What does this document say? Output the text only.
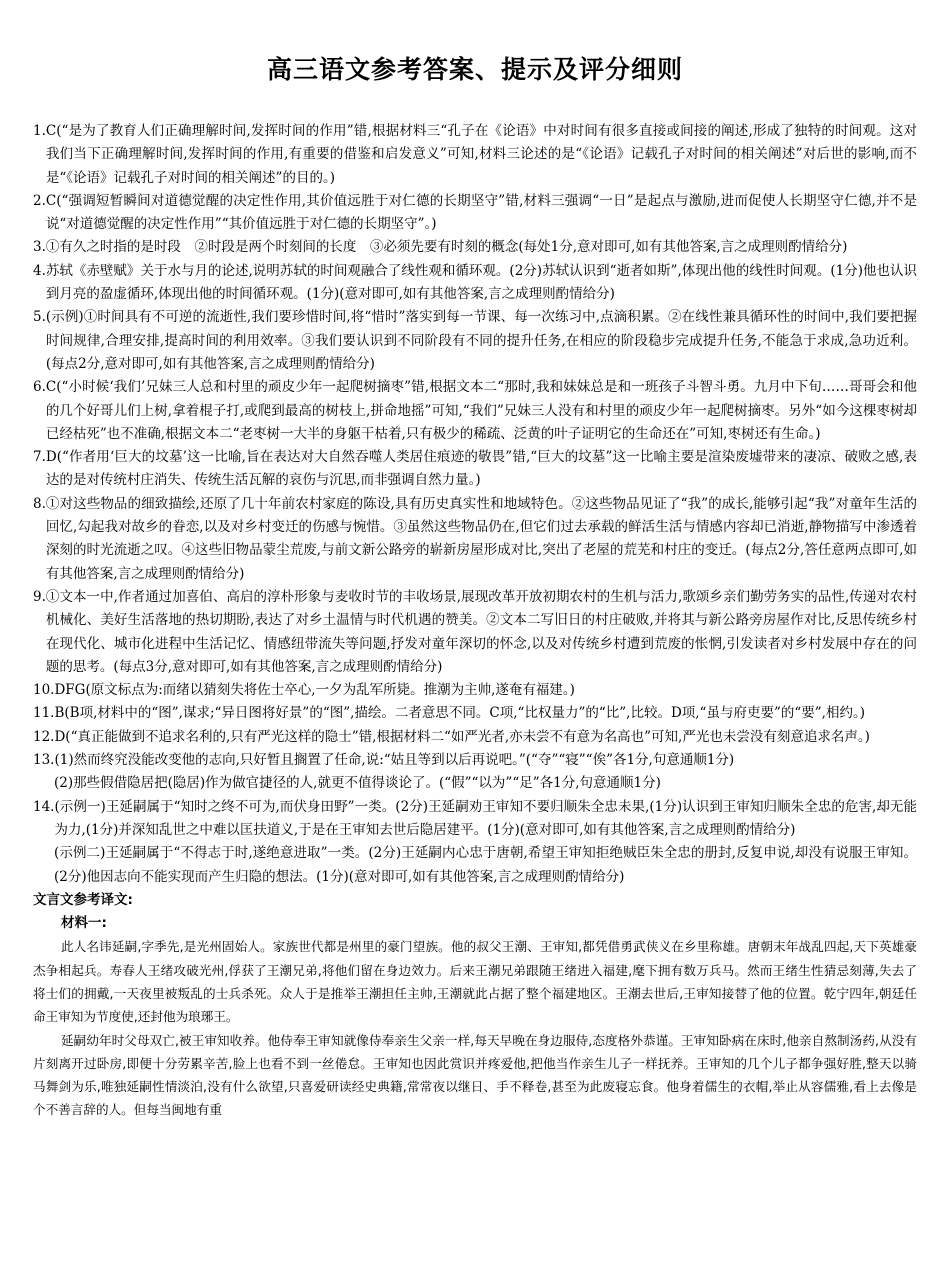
高三语文参考答案、提示及评分细则
1. C(“是为了教育人们正确理解时间,发挥时间的作用”错,根据材料三“孔子在《论语》中对时间有很多直接或间接的阐述,形成了独特的时间观。这对我们当下正确理解时间,发挥时间的作用,有重要的借鉴和启发意义”可知,材料三论述的是“《论语》记载孔子对时间的相关阐述”对后世的影响,而不是“《论语》记载孔子对时间的相关阐述”的目的。)
2. C(“强调短暂瞬间对道德觉醒的决定性作用,其价值远胜于对仁德的长期坚守”错,材料三强调“一日”是起点与激励,进而促使人长期坚守仁德,并不是说“对道德觉醒的决定性作用”“其价值远胜于对仁德的长期坚守”。)
3. ①有久之时指的是时段　②时段是两个时刻间的长度　③必须先要有时刻的概念(每处1分,意对即可,如有其他答案,言之成理则酌情给分)
4. 苏轼《赤壁赋》关于水与月的论述,说明苏轼的时间观融合了线性观和循环观。(2分)苏轼认识到“逝者如斯”,体现出他的线性时间观。(1分)他也认识到月亮的盈虚循环,体现出他的时间循环观。(1分)(意对即可,如有其他答案,言之成理则酌情给分)
5. (示例)①时间具有不可逆的流逝性,我们要珍惜时间,将“惜时”落实到每一节课、每一次练习中,点滴积累。②在线性兼具循环性的时间中,我们要把握时间规律,合理安排,提高时间的利用效率。③我们要认识到不同阶段有不同的提升任务,在相应的阶段稳步完成提升任务,不能急于求成,急功近利。(每点2分,意对即可,如有其他答案,言之成理则酌情给分)
6. C(“小时候‘我们’兄妹三人总和村里的顽皮少年一起爬树摘枣”错,根据文本二“那时,我和妹妹总是和一班孩子斗智斗勇。九月中下旬……哥哥会和他的几个好哥儿们上树,拿着棍子打,或爬到最高的树枝上,拼命地摇”可知,“我们”兄妹三人没有和村里的顽皮少年一起爬树摘枣。另外“如今这棵枣树却已经枯死”也不准确,根据文本二“老枣树一大半的身躯干枯着,只有极少的稀疏、泛黄的叶子证明它的生命还在”可知,枣树还有生命。)
7. D(“作者用‘巨大的坟墓’这一比喻,旨在表达对大自然吞噬人类居住痕迹的敬畏”错,“巨大的坟墓”这一比喻主要是渲染废墟带来的凄凉、破败之感,表达的是对传统村庄消失、传统生活瓦解的哀伤与沉思,而非强调自然力量。)
8. ①对这些物品的细致描绘,还原了几十年前农村家庭的陈设,具有历史真实性和地域特色。②这些物品见证了“我”的成长,能够引起“我”对童年生活的回忆,勾起我对故乡的眷恋,以及对乡村变迁的伤感与惋惜。③虽然这些物品仍在,但它们过去承载的鲜活生活与情感内容却已消逝,静物描写中渗透着深刻的时光流逝之叹。④这些旧物品蒙尘荒废,与前文新公路旁的崭新房屋形成对比,突出了老屋的荒芜和村庄的变迁。(每点2分,答任意两点即可,如有其他答案,言之成理则酌情给分)
9. ①文本一中,作者通过加喜伯、高启的淳朴形象与麦收时节的丰收场景,展现改革开放初期农村的生机与活力,歌颂乡亲们勤劳务实的品性,传递对农村机械化、美好生活落地的热切期盼,表达了对乡土温情与时代机遇的赞美。②文本二写旧日的村庄破败,并将其与新公路旁房屋作对比,反思传统乡村在现代化、城市化进程中生活记忆、情感纽带流失等问题,抒发对童年深切的怀念,以及对传统乡村遭到荒废的怅惘,引发读者对乡村发展中存在的问题的思考。(每点3分,意对即可,如有其他答案,言之成理则酌情给分)
10. DFG(原文标点为:而绪以猜刻失将佐士卒心,一夕为乱军所毙。推潮为主帅,遂奄有福建。)
11. B(B项,材料中的“图”,谋求;“异日图将好景”的“图”,描绘。二者意思不同。C项,“比权量力”的“比”,比较。D项,“虽与府吏要”的“要”,相约。)
12. D(“真正能做到不追求名利的,只有严光这样的隐士”错,根据材料二“如严光者,亦未尝不有意为名高也”可知,严光也未尝没有刻意追求名声。)
13. (1)然而终究没能改变他的志向,只好暂且搁置了任命,说:“姑且等到以后再说吧。”(“夺”“寝”“俟”各1分,句意通顺1分)
(2)那些假借隐居把(隐居)作为做官捷径的人,就更不值得谈论了。(“假”“以为”“足”各1分,句意通顺1分)
14. (示例一)王延嗣属于“知时之终不可为,而伏身田野”一类。(2分)王延嗣劝王审知不要归顺朱全忠未果,(1分)认识到王审知归顺朱全忠的危害,却无能为力,(1分)并深知乱世之中难以匡扶道义,于是在王审知去世后隐居建平。(1分)(意对即可,如有其他答案,言之成理则酌情给分)
(示例二)王延嗣属于“不得志于时,遂绝意进取”一类。(2分)王延嗣内心忠于唐朝,希望王审知拒绝贼臣朱全忠的册封,反复申说,却没有说服王审知。(2分)他因志向不能实现而产生归隐的想法。(1分)(意对即可,如有其他答案,言之成理则酌情给分)
文言文参考译文:
材料一:
此人名讳延嗣,字季先,是光州固始人。家族世代都是州里的豪门望族。他的叔父王潮、王审知,都凭借勇武侠义在乡里称雄。唐朝末年战乱四起,天下英雄豪杰争相起兵。寿春人王绪攻破光州,俘获了王潮兄弟,将他们留在身边效力。后来王潮兄弟跟随王绪进入福建,麾下拥有数万兵马。然而王绪生性猜忌刻薄,失去了将士们的拥戴,一天夜里被叛乱的士兵杀死。众人于是推举王潮担任主帅,王潮就此占据了整个福建地区。王潮去世后,王审知接替了他的位置。乾宁四年,朝廷任命王审知为节度使,还封他为琅琊王。
延嗣幼年时父母双亡,被王审知收养。他侍奉王审知就像侍奉亲生父亲一样,每天早晚在身边服侍,态度格外恭谨。王审知卧病在床时,他亲自熬制汤药,从没有片刻离开过卧房,即便十分劳累辛苦,脸上也看不到一丝倦怠。王审知也因此赏识并疼爱他,把他当作亲生儿子一样抚养。王审知的几个儿子都争强好胜,整天以骑马舞剑为乐,唯独延嗣性情淡泊,没有什么欲望,只喜爱研读经史典籍,常常夜以继日、手不释卷,甚至为此废寝忘食。他身着儒生的衣帽,举止从容儒雅,看上去像是个不善言辞的人。但每当闽地有重
